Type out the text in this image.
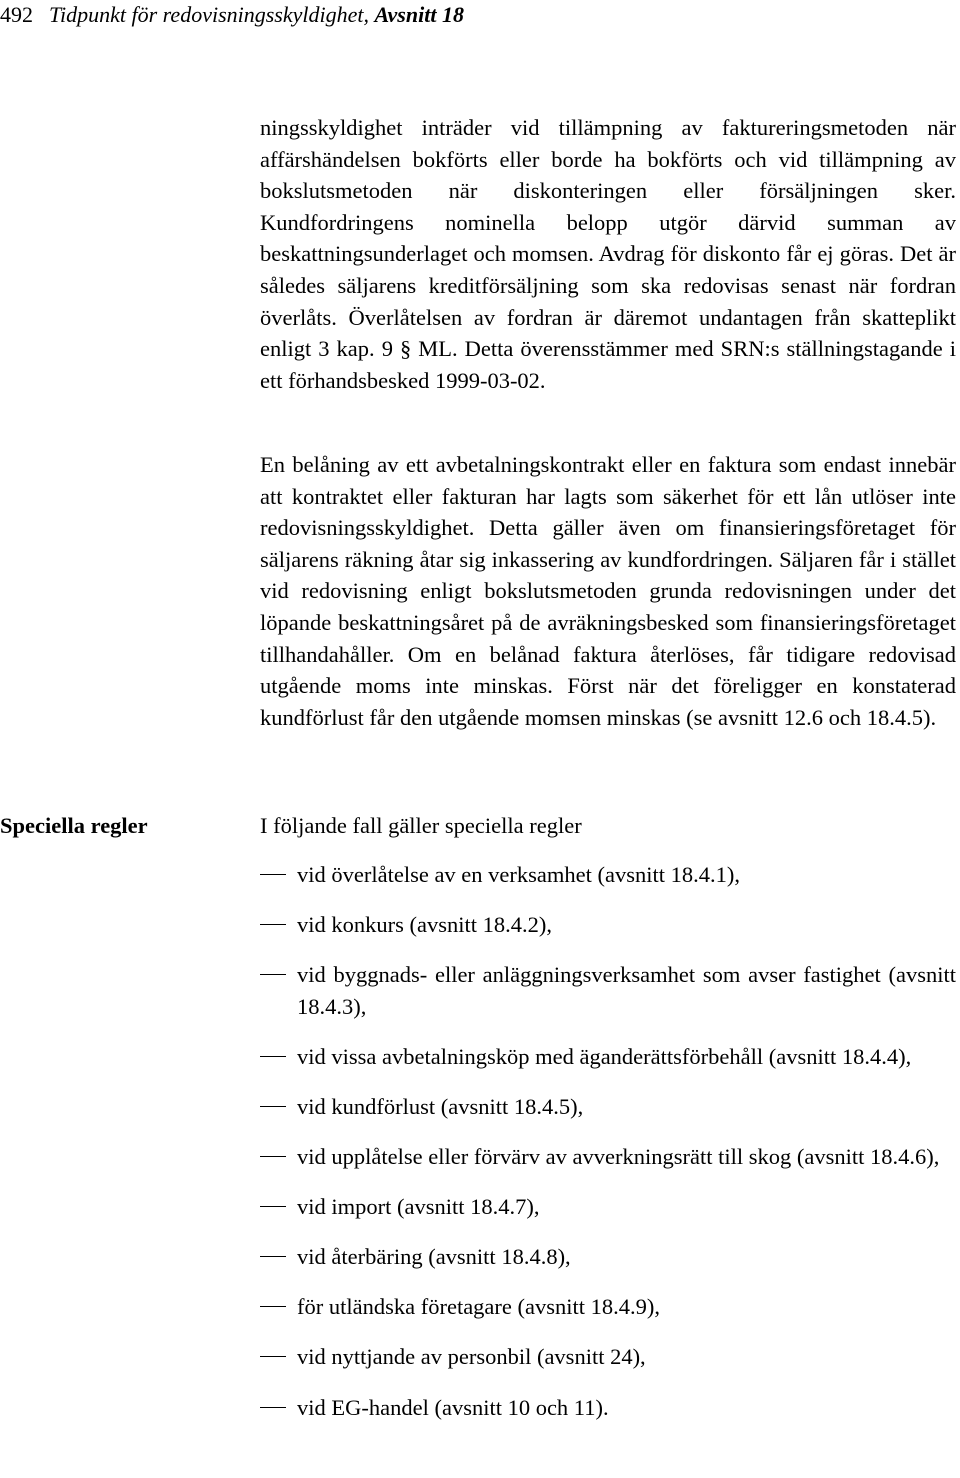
492 Tidpunkt för redovisningsskyldighet, Avsnitt 18

ningsskyldighet inträder vid tillämpning av faktureringsmetoden när affärshändelsen bokförts eller borde ha bokförts och vid tillämpning av bokslutsmetoden när diskonteringen eller försäljningen sker. Kundfordringens nominella belopp utgör därvid summan av beskattningsunderlaget och momsen. Avdrag för diskonto får ej göras. Det är således säljarens kreditförsäljning som ska redovisas senast när fordran överlåts. Överlåtelsen av fordran är däremot undantagen från skatteplikt enligt 3 kap. 9 § ML. Detta överensstämmer med SRN:s ställningstagande i ett förhandsbesked 1999-03-02.

En belåning av ett avbetalningskontrakt eller en faktura som endast innebär att kontraktet eller fakturan har lagts som säkerhet för ett lån utlöser inte redovisningsskyldighet. Detta gäller även om finansieringsföretaget för säljarens räkning åtar sig inkassering av kundfordringen. Säljaren får i stället vid redovisning enligt bokslutsmetoden grunda redovisningen under det löpande beskattningsåret på de avräkningsbesked som finansieringsföretaget tillhandahåller. Om en belånad faktura återlöses, får tidigare redovisad utgående moms inte minskas. Först när det föreligger en konstaterad kundförlust får den utgående momsen minskas (se avsnitt 12.6 och 18.4.5).

Speciella regler	I följande fall gäller speciella regler

vid överlåtelse av en verksamhet (avsnitt 18.4.1),
vid konkurs (avsnitt 18.4.2),
vid byggnads- eller anläggningsverksamhet som avser fastighet (avsnitt 18.4.3),
vid vissa avbetalningsköp med äganderättsförbehåll (avsnitt 18.4.4),
vid kundförlust (avsnitt 18.4.5),
vid upplåtelse eller förvärv av avverkningsrätt till skog (avsnitt 18.4.6),
vid import (avsnitt 18.4.7),
vid återbäring (avsnitt 18.4.8),
för utländska företagare (avsnitt 18.4.9),
vid nyttjande av personbil (avsnitt 24),
vid EG-handel (avsnitt 10 och 11).
